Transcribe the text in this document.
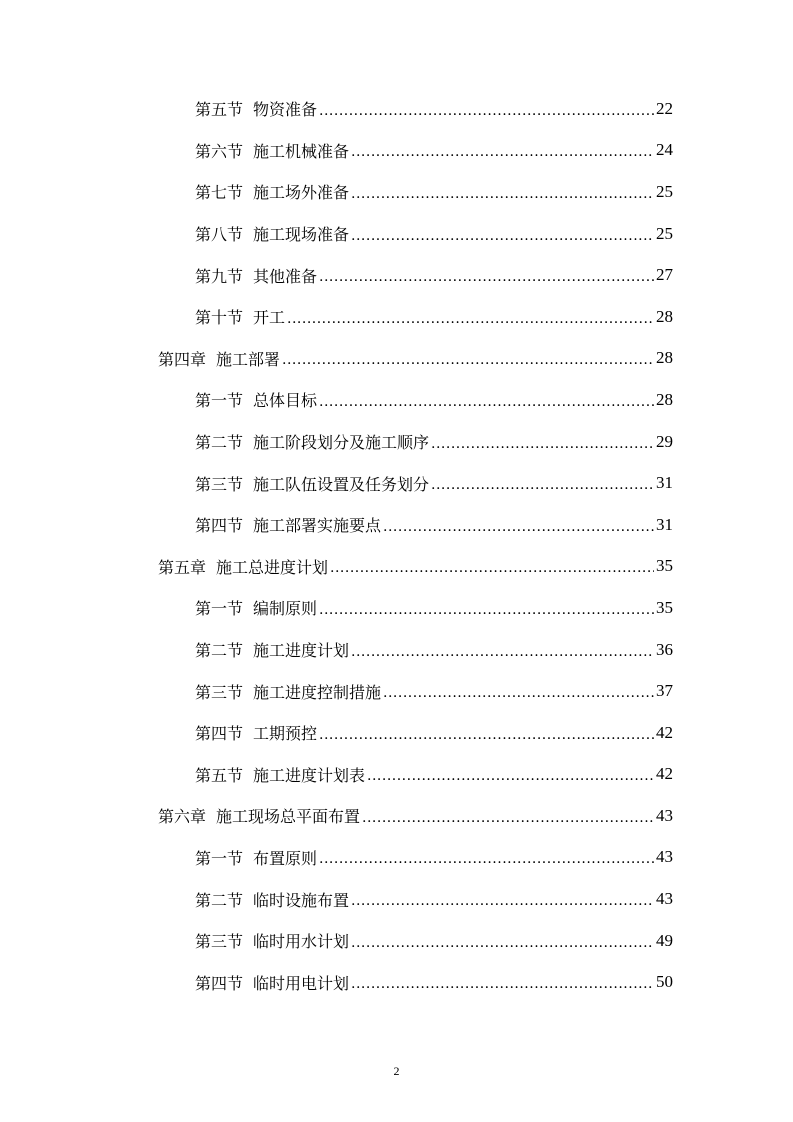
第五节 物资准备 .....	22
第六节 施工机械准备 .....	24
第七节 施工场外准备 .....	25
第八节 施工现场准备 .....	25
第九节 其他准备 .....	27
第十节 开工 .....	28
第四章 施工部署 .....	28
第一节 总体目标 .....	28
第二节 施工阶段划分及施工顺序 .....	29
第三节 施工队伍设置及任务划分 .....	31
第四节 施工部署实施要点 .....	31
第五章 施工总进度计划 .....	35
第一节 编制原则 .....	35
第二节 施工进度计划 .....	36
第三节 施工进度控制措施 .....	37
第四节 工期预控 .....	42
第五节 施工进度计划表 .....	42
第六章 施工现场总平面布置 .....	43
第一节 布置原则 .....	43
第二节 临时设施布置 .....	43
第三节 临时用水计划 .....	49
第四节 临时用电计划 .....	50
2
